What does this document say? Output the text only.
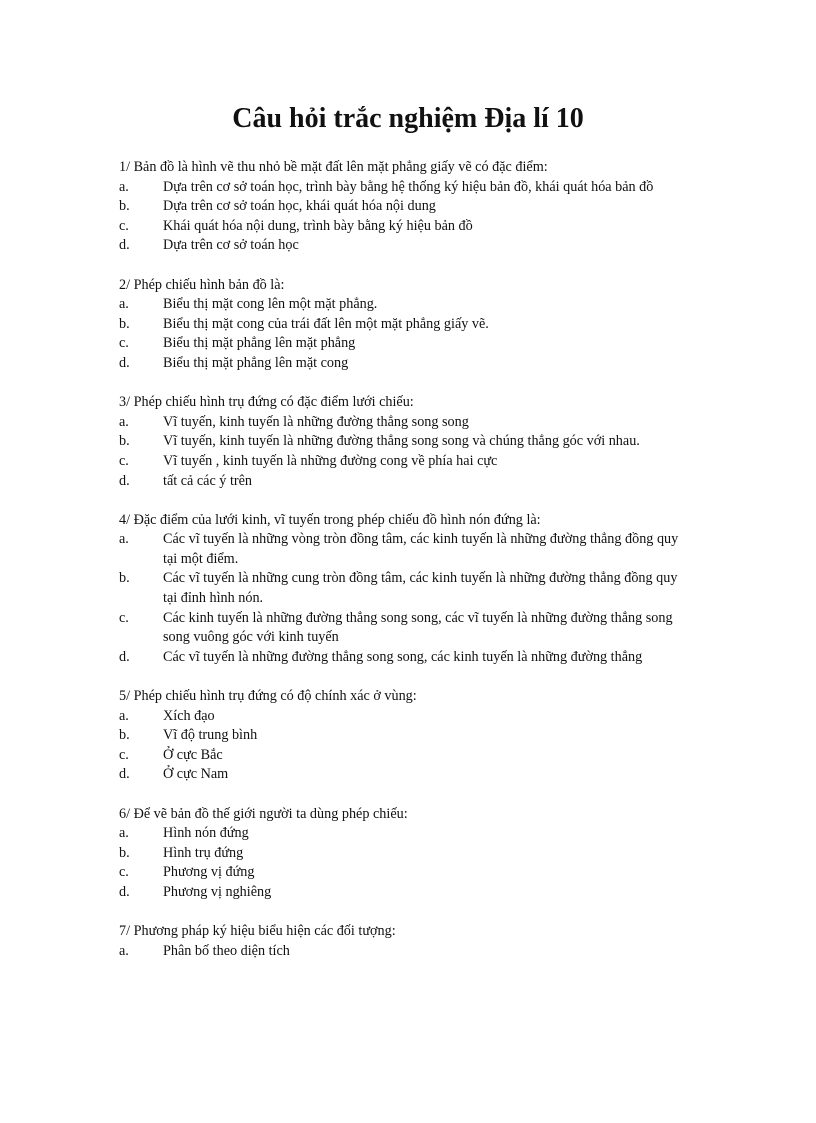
Câu hỏi trắc nghiệm Địa lí 10

1/ Bản đồ là hình vẽ thu nhỏ bề mặt đất lên mặt phẳng giấy vẽ có đặc điểm:

a. Dựa trên cơ sở toán học, trình bày bằng hệ thống ký hiệu bản đồ, khái quát hóa bản đồ

b. Dựa trên cơ sở toán học, khái quát hóa nội dung

c. Khái quát hóa nội dung, trình bày bằng ký hiệu bản đồ

d. Dựa trên cơ sở toán học

2/ Phép chiếu hình bản đồ là:

a. Biểu thị mặt cong lên một mặt phẳng.

b. Biểu thị mặt cong của trái đất lên một mặt phẳng giấy vẽ.

c. Biểu thị mặt phẳng lên mặt phẳng

d. Biểu thị mặt phẳng lên mặt cong

3/ Phép chiếu hình trụ đứng có đặc điểm lưới chiếu:

a. Vĩ tuyến, kinh tuyến là những đường thẳng song song

b. Vĩ tuyến, kinh tuyến là những đường thẳng song song và chúng thẳng góc với nhau.

c. Vĩ tuyến , kinh tuyến là những đường cong về phía hai cực

d. tất cả các ý trên

4/ Đặc điểm của lưới kinh, vĩ tuyến trong phép chiếu đồ hình nón đứng là:

a. Các vĩ tuyến là những vòng tròn đồng tâm, các kinh tuyến là những đường thẳng đồng quy tại một điểm.

b. Các vĩ tuyến là những cung tròn đồng tâm, các kinh tuyến là những đường thẳng đồng quy tại đỉnh hình nón.

c. Các kinh tuyến là những đường thẳng song song, các vĩ tuyến là những đường thẳng song song vuông góc với kinh tuyến

d. Các vĩ tuyến là những đường thẳng song song, các kinh tuyến là những đường thẳng

5/ Phép chiếu hình trụ đứng có độ chính xác ở vùng:

a. Xích đạo

b. Vĩ độ trung bình

c. Ở cực Bắc

d. Ở cực Nam

6/ Để vẽ bản đồ thế giới người ta dùng phép chiếu:

a. Hình nón đứng

b. Hình trụ đứng

c. Phương vị đứng

d. Phương vị nghiêng

7/ Phương pháp ký hiệu biểu hiện các đối tượng:

a. Phân bố theo diện tích
